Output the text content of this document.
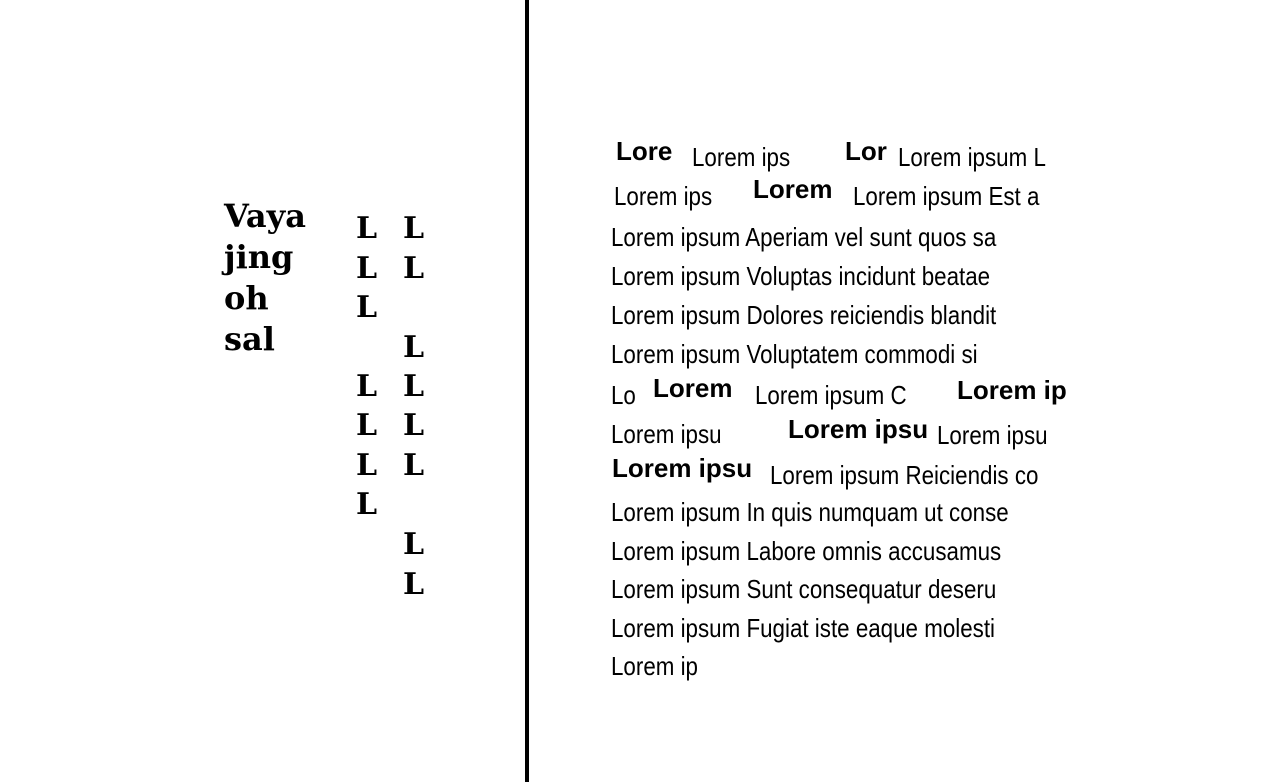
Vaya
jing
oh
sal
L
L
L
L
L
L
L
L
L
L
L
L
L
L
L
Lore Lorem ips Lor Lorem ipsum L
Lorem ips Lorem Lorem ipsum Est a
Lorem ipsum Aperiam vel sunt quos sa
Lorem ipsum Voluptas incidunt beatae
Lorem ipsum Dolores reiciendis blandit
Lorem ipsum Voluptatem commodi si
Lo Lorem Lorem ipsum C Lorem ip
Lorem ipsu	Lorem ipsu Lorem ipsu
Lorem ipsu Lorem ipsum Reiciendis co
Lorem ipsum In quis numquam ut conse
Lorem ipsum Labore omnis accusamus
Lorem ipsum Sunt consequatur deseru
Lorem ipsum Fugiat iste eaque molesti
Lorem ip
